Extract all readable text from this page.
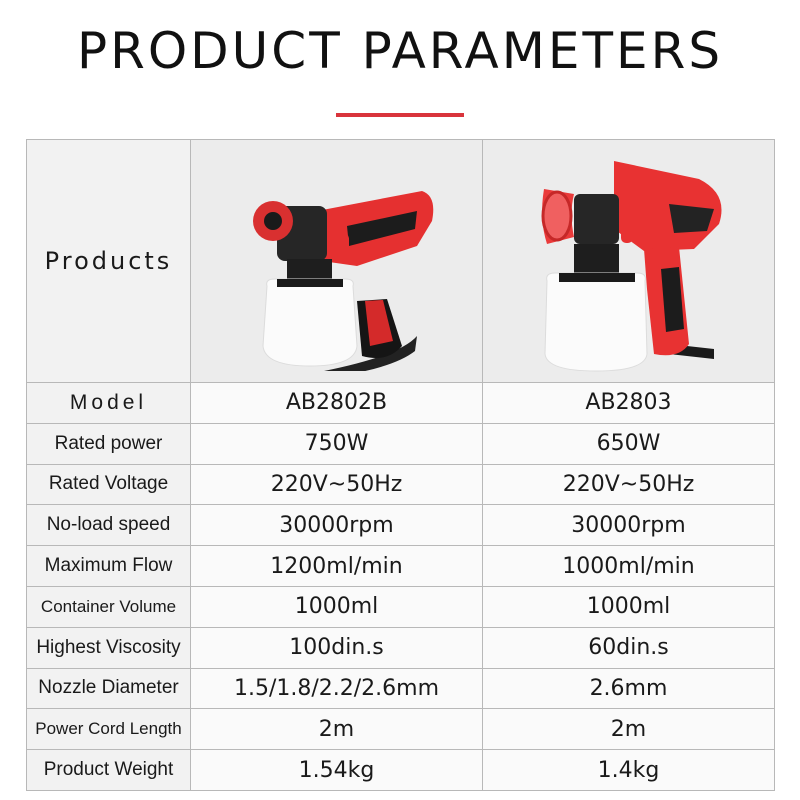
PRODUCT PARAMETERS
Products
Model	AB2802B	AB2803
Rated power	750W	650W
Rated Voltage	220V~50Hz	220V~50Hz
No-load speed	30000rpm	30000rpm
Maximum Flow	1200ml/min	1000ml/min
Container Volume	1000ml	1000ml
Highest Viscosity	100din.s	60din.s
Nozzle Diameter	1.5/1.8/2.2/2.6mm	2.6mm
Power Cord Length	2m	2m
Product Weight	1.54kg	1.4kg
